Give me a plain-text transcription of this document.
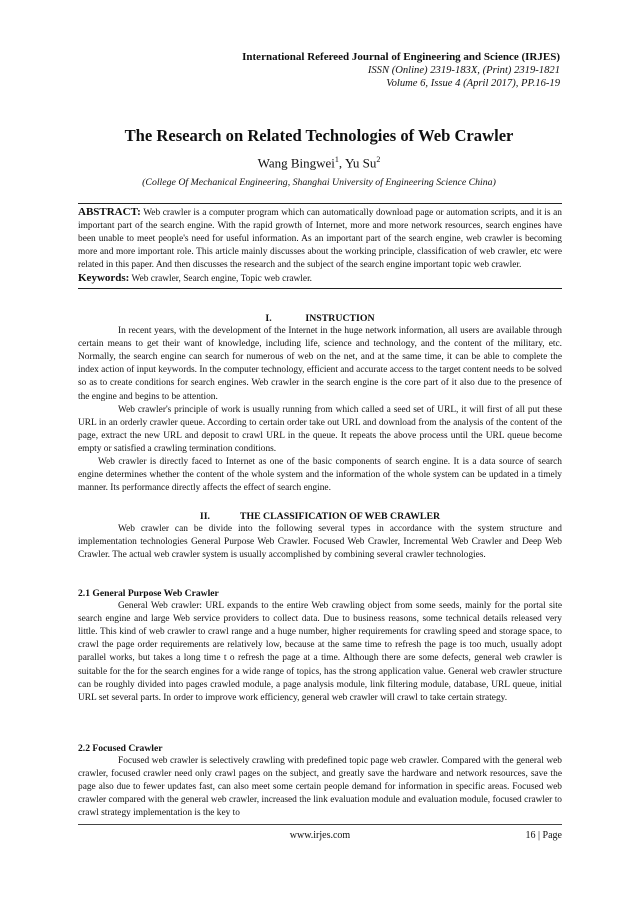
International Refereed Journal of Engineering and Science (IRJES)
ISSN (Online) 2319-183X, (Print) 2319-1821
Volume 6, Issue 4 (April 2017), PP.16-19
The Research on Related Technologies of Web Crawler
Wang Bingwei$^1$, Yu Su$^2$
(College Of Mechanical Engineering, Shanghai University of Engineering Science China)

ABSTRACT: Web crawler is a computer program which can automatically download page or automation scripts, and it is an important part of the search engine. With the rapid growth of Internet, more and more network resources, search engines have been unable to meet people's need for useful information. As an important part of the search engine, web crawler is becoming more and more important role. This article mainly discusses about the working principle, classification of web crawler, etc were related in this paper. And then discusses the research and the subject of the search engine important topic web crawler.

Keywords: Web crawler, Search engine, Topic web crawler.

I.	INSTRUCTION

In recent years, with the development of the Internet in the huge network information, all users are available through certain means to get their want of knowledge, including life, science and technology, and the content of the military, etc. Normally, the search engine can search for numerous of web on the net, and at the same time, it can be able to complete the index action of input keywords. In the computer technology, efficient and accurate access to the target content needs to be solved so as to create conditions for search engines. Web crawler in the search engine is the core part of it also due to the presence of the engine and begins to be attention.

Web crawler's principle of work is usually running from which called a seed set of URL, it will first of all put these URL in an orderly crawler queue. According to certain order take out URL and download from the analysis of the content of the page, extract the new URL and deposit to crawl URL in the queue. It repeats the above process until the URL queue become empty or satisfied a crawling termination conditions.

Web crawler is directly faced to Internet as one of the basic components of search engine. It is a data source of search engine determines whether the content of the whole system and the information of the whole system can be updated in a timely manner. Its performance directly affects the effect of search engine.

II.	THE CLASSIFICATION OF WEB CRAWLER

Web crawler can be divide into the following several types in accordance with the system structure and implementation technologies General Purpose Web Crawler. Focused Web Crawler, Incremental Web Crawler and Deep Web Crawler. The actual web crawler system is usually accomplished by combining several crawler technologies.

2.1 General Purpose Web Crawler

General Web crawler: URL expands to the entire Web crawling object from some seeds, mainly for the portal site search engine and large Web service providers to collect data. Due to business reasons, some technical details released very little. This kind of web crawler to crawl range and a huge number, higher requirements for crawling speed and storage space, to crawl the page order requirements are relatively low, because at the same time to refresh the page is too much, usually adopt parallel works, but takes a long time t o refresh the page at a time. Although there are some defects, general web crawler is suitable for the for the search engines for a wide range of topics, has the strong application value. General web crawler structure can be roughly divided into pages crawled module, a page analysis module, link filtering module, database, URL queue, initial URL set several parts. In order to improve work efficiency, general web crawler will crawl to take certain strategy.

2.2 Focused Crawler

Focused web crawler is selectively crawling with predefined topic page web crawler. Compared with the general web crawler, focused crawler need only crawl pages on the subject, and greatly save the hardware and network resources, save the page also due to fewer updates fast, can also meet some certain people demand for information in specific areas. Focused web crawler compared with the general web crawler, increased the link evaluation module and evaluation module, focused crawler to crawl strategy implementation is the key to

www.irjes.com	16 | Page
